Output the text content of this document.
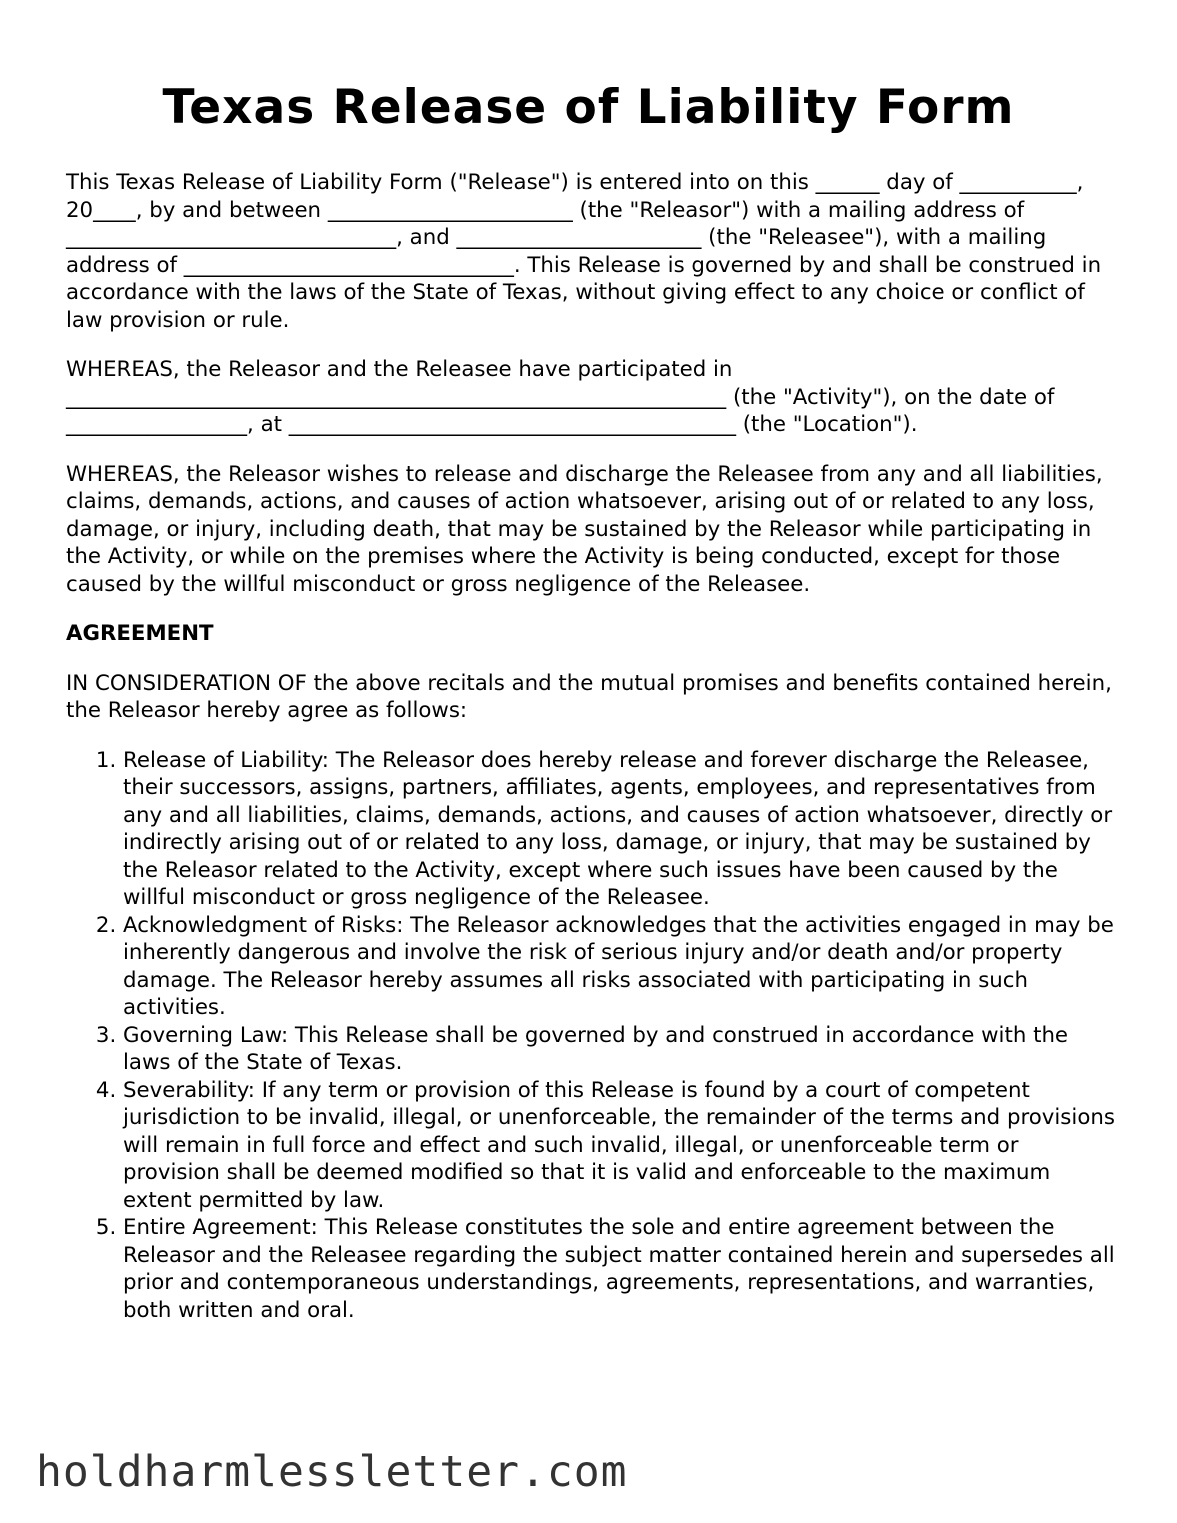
Texas Release of Liability Form

This Texas Release of Liability Form ("Release") is entered into on this ______ day of ___________, 20____, by and between _______________________ (the "Releasor") with a mailing address of _______________________________, and _______________________ (the "Releasee"), with a mailing address of _______________________________. This Release is governed by and shall be construed in accordance with the laws of the State of Texas, without giving effect to any choice or conflict of law provision or rule.

WHEREAS, the Releasor and the Releasee have participated in ______________________________________________________________ (the "Activity"), on the date of _________________, at __________________________________________ (the "Location").

WHEREAS, the Releasor wishes to release and discharge the Releasee from any and all liabilities, claims, demands, actions, and causes of action whatsoever, arising out of or related to any loss, damage, or injury, including death, that may be sustained by the Releasor while participating in the Activity, or while on the premises where the Activity is being conducted, except for those caused by the willful misconduct or gross negligence of the Releasee.

AGREEMENT

IN CONSIDERATION OF the above recitals and the mutual promises and benefits contained herein, the Releasor hereby agree as follows:

1. Release of Liability: The Releasor does hereby release and forever discharge the Releasee, their successors, assigns, partners, affiliates, agents, employees, and representatives from any and all liabilities, claims, demands, actions, and causes of action whatsoever, directly or indirectly arising out of or related to any loss, damage, or injury, that may be sustained by the Releasor related to the Activity, except where such issues have been caused by the willful misconduct or gross negligence of the Releasee.
2. Acknowledgment of Risks: The Releasor acknowledges that the activities engaged in may be inherently dangerous and involve the risk of serious injury and/or death and/or property damage. The Releasor hereby assumes all risks associated with participating in such activities.
3. Governing Law: This Release shall be governed by and construed in accordance with the laws of the State of Texas.
4. Severability: If any term or provision of this Release is found by a court of competent jurisdiction to be invalid, illegal, or unenforceable, the remainder of the terms and provisions will remain in full force and effect and such invalid, illegal, or unenforceable term or provision shall be deemed modified so that it is valid and enforceable to the maximum extent permitted by law.
5. Entire Agreement: This Release constitutes the sole and entire agreement between the Releasor and the Releasee regarding the subject matter contained herein and supersedes all prior and contemporaneous understandings, agreements, representations, and warranties, both written and oral.
holdharmlessletter.com
